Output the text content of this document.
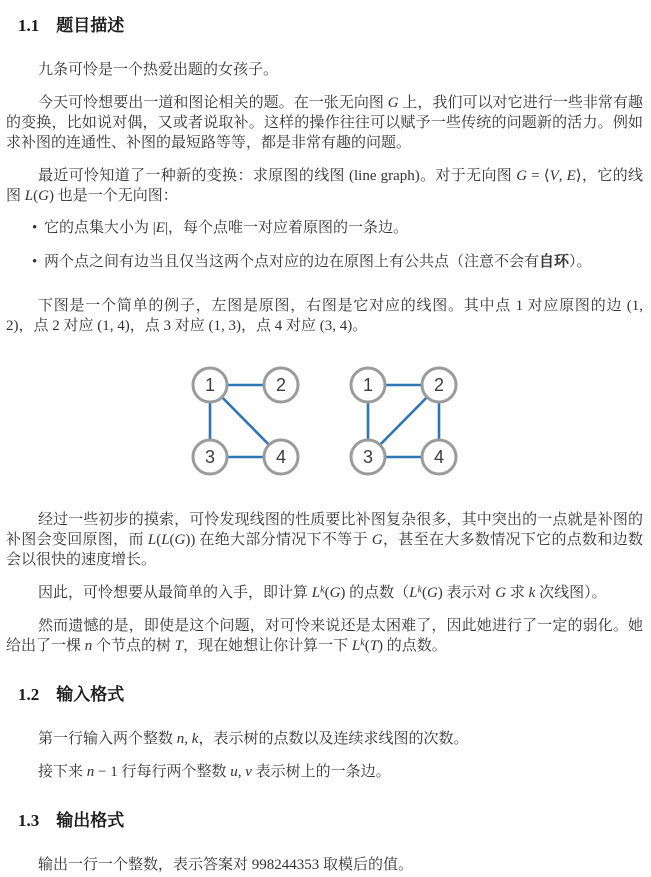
1.1 题目描述

九条可怜是一个热爱出题的女孩子。

今天可怜想要出一道和图论相关的题。在一张无向图 G 上，我们可以对它进行一些非常有趣的变换，比如说对偶，又或者说取补。这样的操作往往可以赋予一些传统的问题新的活力。例如求补图的连通性、补图的最短路等等，都是非常有趣的问题。

最近可怜知道了一种新的变换：求原图的线图 (line graph)。对于无向图 G = ⟨V, E⟩，它的线图 L(G) 也是一个无向图：

• 它的点集大小为 |E|，每个点唯一对应着原图的一条边。
• 两个点之间有边当且仅当这两个点对应的边在原图上有公共点（注意不会有自环）。

下图是一个简单的例子，左图是原图，右图是它对应的线图。其中点 1 对应原图的边 (1, 2)，点 2 对应 (1, 4)，点 3 对应 (1, 3)，点 4 对应 (3, 4)。

1	2
3	4
1	2
3	4

经过一些初步的摸索，可怜发现线图的性质要比补图复杂很多，其中突出的一点就是补图的补图会变回原图，而 L(L(G)) 在绝大部分情况下不等于 G，甚至在大多数情况下它的点数和边数会以很快的速度增长。

因此，可怜想要从最简单的入手，即计算 $L^k(G)$ 的点数（$L^k(G)$ 表示对 G 求 k 次线图）。

然而遗憾的是，即使是这个问题，对可怜来说还是太困难了，因此她进行了一定的弱化。她给出了一棵 n 个节点的树 T，现在她想让你计算一下 $L^k(T)$ 的点数。

1.2 输入格式

第一行输入两个整数 n, k，表示树的点数以及连续求线图的次数。

接下来 n − 1 行每行两个整数 u, v 表示树上的一条边。

1.3 输出格式

输出一行一个整数，表示答案对 998244353 取模后的值。
